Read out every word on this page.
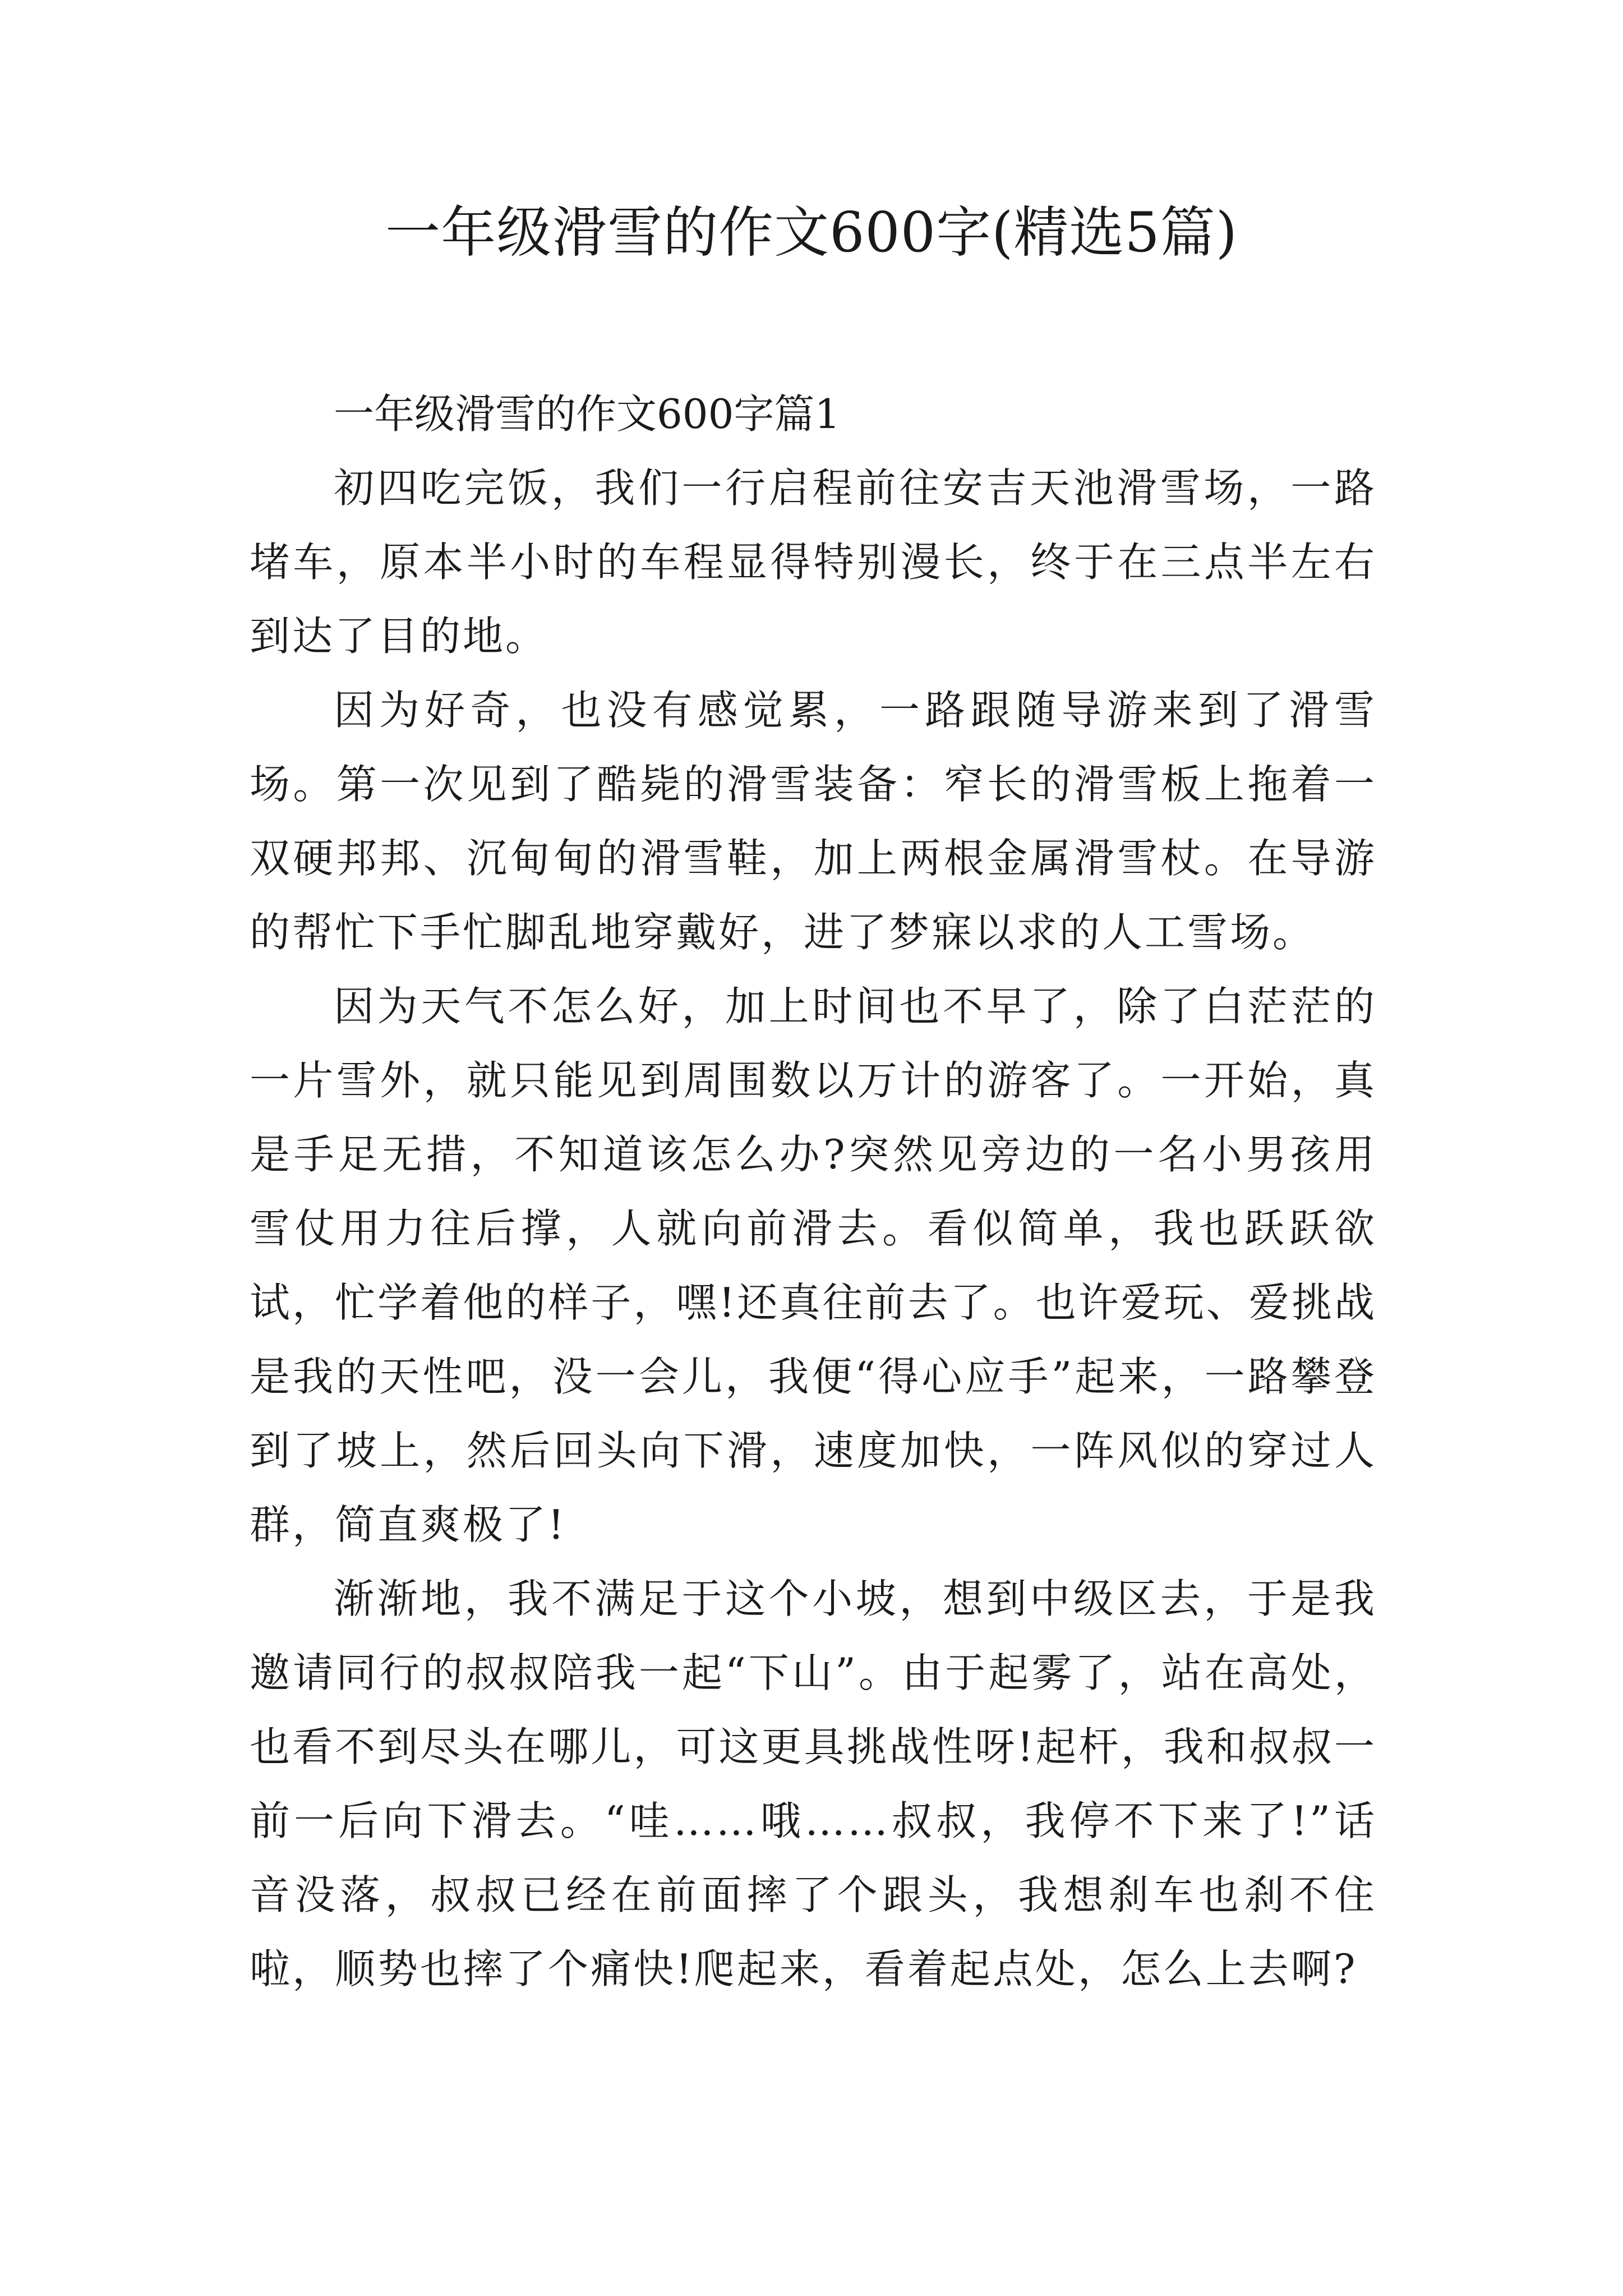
一年级滑雪的作文600字(精选5篇)

一年级滑雪的作文600字篇1

初四吃完饭，我们一行启程前往安吉天池滑雪场，一路堵车，原本半小时的车程显得特别漫长，终于在三点半左右到达了目的地。

因为好奇，也没有感觉累，一路跟随导游来到了滑雪场。第一次见到了酷毙的滑雪装备：窄长的滑雪板上拖着一双硬邦邦、沉甸甸的滑雪鞋，加上两根金属滑雪杖。在导游的帮忙下手忙脚乱地穿戴好，进了梦寐以求的人工雪场。

因为天气不怎么好，加上时间也不早了，除了白茫茫的一片雪外，就只能见到周围数以万计的游客了。一开始，真是手足无措，不知道该怎么办?突然见旁边的一名小男孩用雪仗用力往后撑，人就向前滑去。看似简单，我也跃跃欲试，忙学着他的样子，嘿!还真往前去了。也许爱玩、爱挑战是我的天性吧，没一会儿，我便“得心应手”起来，一路攀登到了坡上，然后回头向下滑，速度加快，一阵风似的穿过人群，简直爽极了!

渐渐地，我不满足于这个小坡，想到中级区去，于是我邀请同行的叔叔陪我一起“下山”。由于起雾了，站在高处，也看不到尽头在哪儿，可这更具挑战性呀!起杆，我和叔叔一前一后向下滑去。“哇……哦……叔叔，我停不下来了!”话音没落，叔叔已经在前面摔了个跟头，我想刹车也刹不住啦，顺势也摔了个痛快!爬起来，看着起点处，怎么上去啊?
